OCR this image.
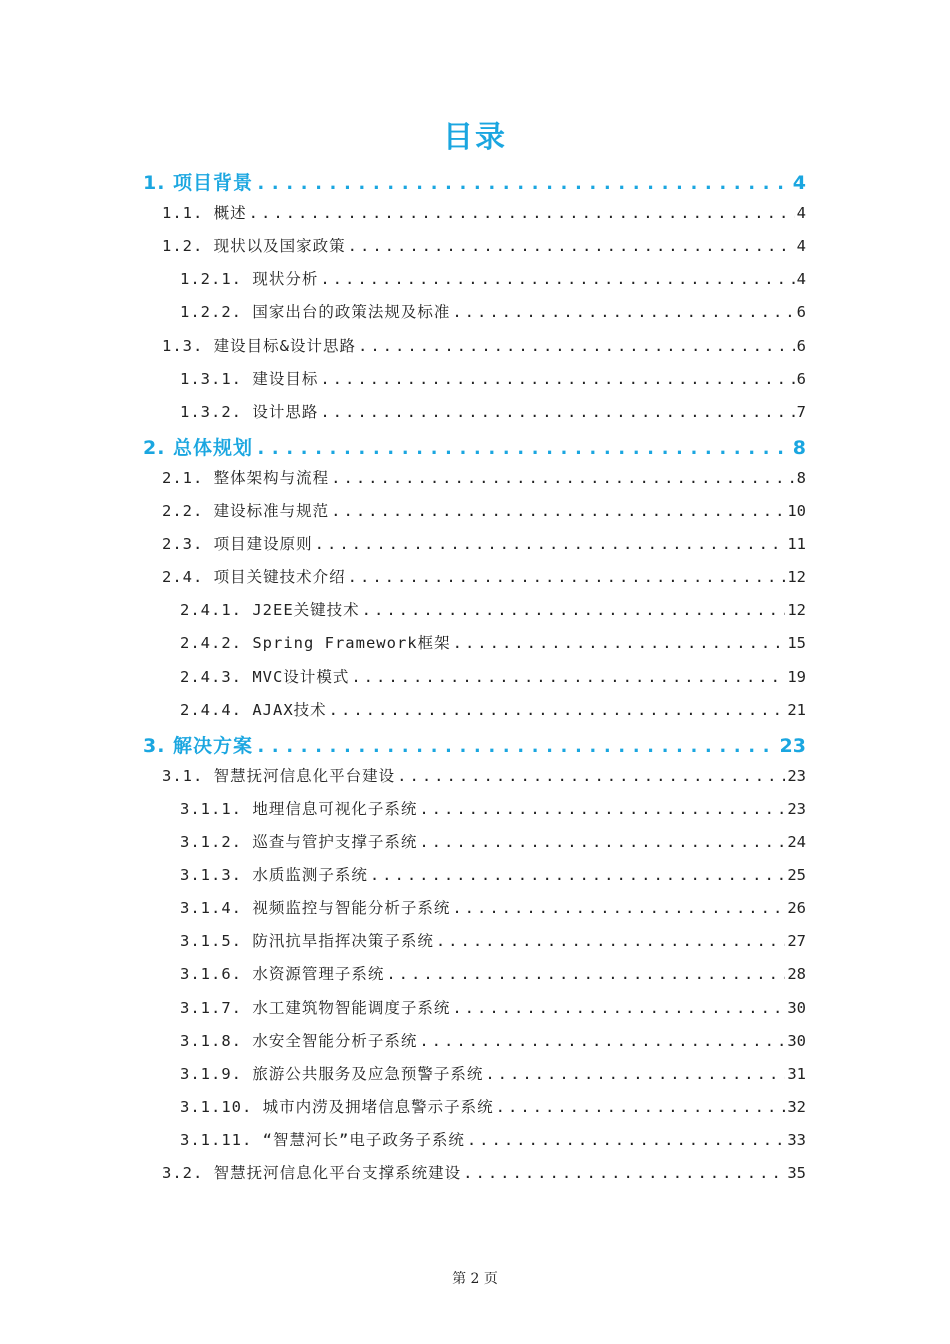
目录
1. 项目背景 .....	4
1.1. 概述 .....	4
1.2. 现状以及国家政策 .....	4
1.2.1. 现状分析 .....	4
1.2.2. 国家出台的政策法规及标准 .....	6
1.3. 建设目标&设计思路 .....	6
1.3.1. 建设目标 .....	6
1.3.2. 设计思路 .....	7
2. 总体规划 .....	8
2.1. 整体架构与流程 .....	8
2.2. 建设标准与规范 .....	10
2.3. 项目建设原则 .....	11
2.4. 项目关键技术介绍 .....	12
2.4.1. J2EE关键技术 .....	12
2.4.2. Spring Framework框架 .....	15
2.4.3. MVC设计模式 .....	19
2.4.4. AJAX技术 .....	21
3. 解决方案 .....	23
3.1. 智慧抚河信息化平台建设 .....	23
3.1.1. 地理信息可视化子系统 .....	23
3.1.2. 巡查与管护支撑子系统 .....	24
3.1.3. 水质监测子系统 .....	25
3.1.4. 视频监控与智能分析子系统 .....	26
3.1.5. 防汛抗旱指挥决策子系统 .....	27
3.1.6. 水资源管理子系统 .....	28
3.1.7. 水工建筑物智能调度子系统 .....	30
3.1.8. 水安全智能分析子系统 .....	30
3.1.9. 旅游公共服务及应急预警子系统 .....	31
3.1.10. 城市内涝及拥堵信息警示子系统 .....	32
3.1.11. “智慧河长”电子政务子系统 .....	33
3.2. 智慧抚河信息化平台支撑系统建设 .....	35
第 2 页
